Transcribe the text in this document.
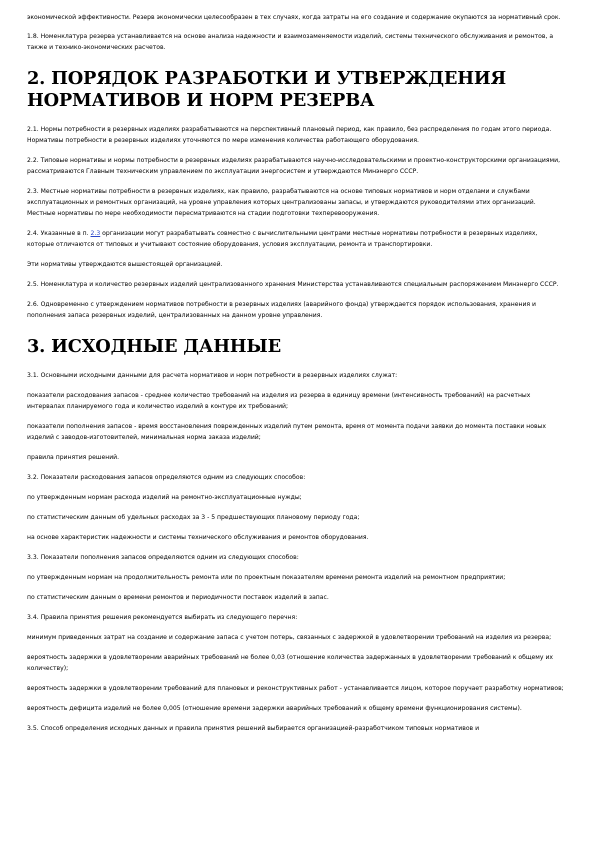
экономической эффективности. Резерв экономически целесообразен в тех случаях, когда затраты на его создание и содержание окупаются за нормативный срок.

1.8. Номенклатура резерва устанавливается на основе анализа надежности и взаимозаменяемости изделий, системы технического обслуживания и ремонтов, а также и технико-экономических расчетов.

2. ПОРЯДОК РАЗРАБОТКИ И УТВЕРЖДЕНИЯ НОРМАТИВОВ И НОРМ РЕЗЕРВА

2.1. Нормы потребности в резервных изделиях разрабатываются на перспективный плановый период, как правило, без распределения по годам этого периода. Нормативы потребности в резервных изделиях уточняются по мере изменения количества работающего оборудования.

2.2. Типовые нормативы и нормы потребности в резервных изделиях разрабатываются научно-исследовательскими и проектно-конструкторскими организациями, рассматриваются Главным техническим управлением по эксплуатации энергосистем и утверждаются Минэнерго СССР.

2.3. Местные нормативы потребности в резервных изделиях, как правило, разрабатываются на основе типовых нормативов и норм отделами и службами эксплуатационных и ремонтных организаций, на уровне управления которых централизованы запасы, и утверждаются руководителями этих организаций. Местные нормативы по мере необходимости пересматриваются на стадии подготовки техперевооружения.

2.4. Указанные в п. 2.3 организации могут разрабатывать совместно с вычислительными центрами местные нормативы потребности в резервных изделиях, которые отличаются от типовых и учитывают состояние оборудования, условия эксплуатации, ремонта и транспортировки.

Эти нормативы утверждаются вышестоящей организацией.

2.5. Номенклатура и количество резервных изделий централизованного хранения Министерства устанавливаются специальным распоряжением Минэнерго СССР.

2.6. Одновременно с утверждением нормативов потребности в резервных изделиях (аварийного фонда) утверждается порядок использования, хранения и пополнения запаса резервных изделий, централизованных на данном уровне управления.

3. ИСХОДНЫЕ ДАННЫЕ

3.1. Основными исходными данными для расчета нормативов и норм потребности в резервных изделиях служат:

показатели расходования запасов - среднее количество требований на изделия из резерва в единицу времени (интенсивность требований) на расчетных интервалах планируемого года и количество изделий в контуре их требований;

показатели пополнения запасов - время восстановления поврежденных изделий путем ремонта, время от момента подачи заявки до момента поставки новых изделий с заводов-изготовителей, минимальная норма заказа изделий;

правила принятия решений.

3.2. Показатели расходования запасов определяются одним из следующих способов:

по утвержденным нормам расхода изделий на ремонтно-эксплуатационные нужды;

по статистическим данным об удельных расходах за 3 - 5 предшествующих плановому периоду года;

на основе характеристик надежности и системы технического обслуживания и ремонтов оборудования.

3.3. Показатели пополнения запасов определяются одним из следующих способов:

по утвержденным нормам на продолжительность ремонта или по проектным показателям времени ремонта изделий на ремонтном предприятии;

по статистическим данным о времени ремонтов и периодичности поставок изделий в запас.

3.4. Правила принятия решения рекомендуется выбирать из следующего перечня:

минимум приведенных затрат на создание и содержание запаса с учетом потерь, связанных с задержкой в удовлетворении требований на изделия из резерва;

вероятность задержки в удовлетворении аварийных требований не более 0,03 (отношение количества задержанных в удовлетворении требований к общему их количеству);

вероятность задержки в удовлетворении требований для плановых и реконструктивных работ - устанавливается лицом, которое поручает разработку нормативов;

вероятность дефицита изделий не более 0,005 (отношение времени задержки аварийных требований к общему времени функционирования системы).

3.5. Способ определения исходных данных и правила принятия решений выбирается организацией-разработчиком типовых нормативов и
